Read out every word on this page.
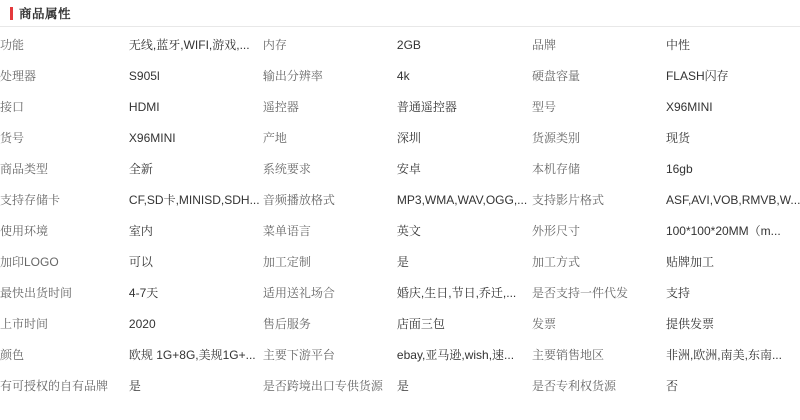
商品属性
功能	无线,蓝牙,WIFI,游戏,...	内存	2GB	品牌	中性

处理器	S905l	输出分辨率	4k	硬盘容量	FLASH闪存

接口	HDMI	遥控器	普通遥控器	型号	X96MINI

货号	X96MINI	产地	深圳	货源类别	现货

商品类型	全新	系统要求	安卓	本机存储	16gb

支持存储卡	CF,SD卡,MINISD,SDH...	音频播放格式	MP3,WMA,WAV,OGG,...	支持影片格式	ASF,AVI,VOB,RMVB,W...

使用环境	室内	菜单语言	英文	外形尺寸	100*100*20MM（m...

加印LOGO	可以	加工定制	是	加工方式	贴牌加工

最快出货时间	4-7天	适用送礼场合	婚庆,生日,节日,乔迁,...	是否支持一件代发	支持

上市时间	2020	售后服务	店面三包	发票	提供发票

颜色	欧规 1G+8G,美规1G+...	主要下游平台	ebay,亚马逊,wish,速...	主要销售地区	非洲,欧洲,南美,东南...

有可授权的自有品牌	是	是否跨境出口专供货源	是	是否专利权货源	否
